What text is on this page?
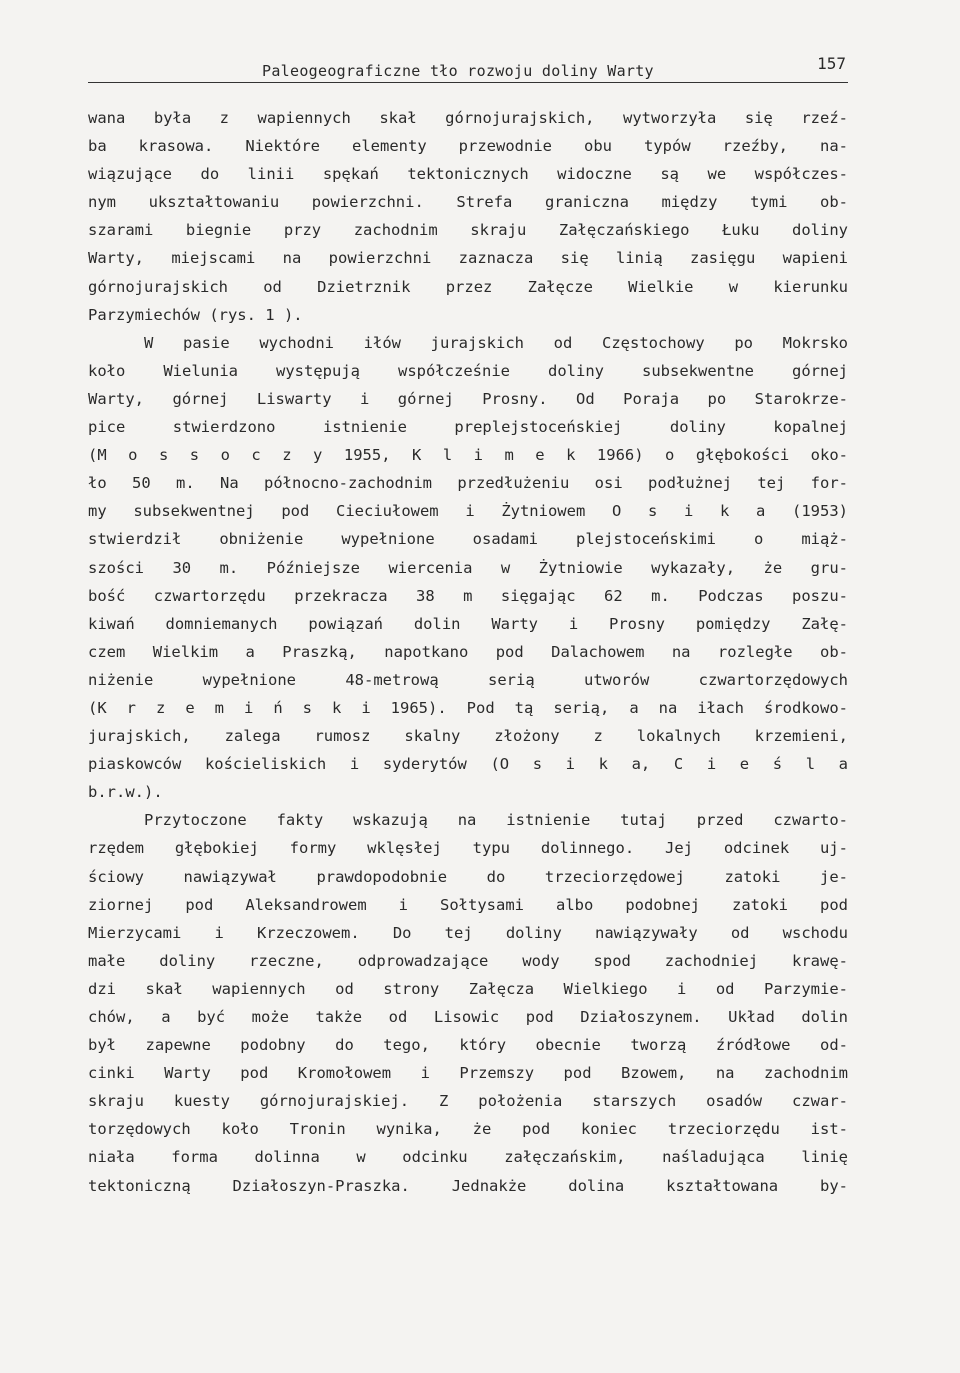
Paleogeograficzne tło rozwoju doliny Warty	157
wana była z wapiennych skał górnojurajskich, wytworzyła się rzeź-
ba krasowa. Niektóre elementy przewodnie obu typów rzeźby, na-
wiązujące do linii spękań tektonicznych widoczne są we współczes-
nym ukształtowaniu powierzchni. Strefa graniczna między tymi ob-
szarami biegnie przy zachodnim skraju Załęczańskiego Łuku doliny
Warty, miejscami na powierzchni zaznacza się linią zasięgu wapieni
górnojurajskich od Dzietrznik przez Załęcze Wielkie w kierunku
Parzymiechów (rys. 1 ).
W pasie wychodni iłów jurajskich od Częstochowy po Mokrsko
koło Wielunia występują współcześnie doliny subsekwentne górnej
Warty, górnej Liswarty i górnej Prosny. Od Poraja po Starokrze-
pice stwierdzono istnienie preplejstoceńskiej doliny kopalnej
(M o s s o c z y 1955, K l i m e k 1966) o głębokości oko-
ło 50 m. Na północno-zachodnim przedłużeniu osi podłużnej tej for-
my subsekwentnej pod Cieciułowem i Żytniowem O s i k a (1953)
stwierdził obniżenie wypełnione osadami plejstoceńskimi o miąż-
szości 30 m. Późniejsze wiercenia w Żytniowie wykazały, że gru-
bość czwartorzędu przekracza 38 m sięgając 62 m. Podczas poszu-
kiwań domniemanych powiązań dolin Warty i Prosny pomiędzy Załę-
czem Wielkim a Praszką, napotkano pod Dalachowem na rozległe ob-
niżenie wypełnione 48-metrową serią utworów czwartorzędowych
(K r z e m i ń s k i 1965). Pod tą serią, a na iłach środkowo-
jurajskich, zalega rumosz skalny złożony z lokalnych krzemieni,
piaskowców kościeliskich i syderytów (O s i k a, C i e ś l a
b.r.w.).
Przytoczone fakty wskazują na istnienie tutaj przed czwarto-
rzędem głębokiej formy wklęsłej typu dolinnego. Jej odcinek uj-
ściowy nawiązywał prawdopodobnie do trzeciorzędowej zatoki je-
ziornej pod Aleksandrowem i Sołtysami albo podobnej zatoki pod
Mierzycami i Krzeczowem. Do tej doliny nawiązywały od wschodu
małe doliny rzeczne, odprowadzające wody spod zachodniej krawę-
dzi skał wapiennych od strony Załęcza Wielkiego i od Parzymie-
chów, a być może także od Lisowic pod Działoszynem. Układ dolin
był zapewne podobny do tego, który obecnie tworzą źródłowe od-
cinki Warty pod Kromołowem i Przemszy pod Bzowem, na zachodnim
skraju kuesty górnojurajskiej. Z położenia starszych osadów czwar-
torzędowych koło Tronin wynika, że pod koniec trzeciorzędu ist-
niała forma dolinna w odcinku załęczańskim, naśladująca linię
tektoniczną Działoszyn-Praszka. Jednakże dolina kształtowana by-
